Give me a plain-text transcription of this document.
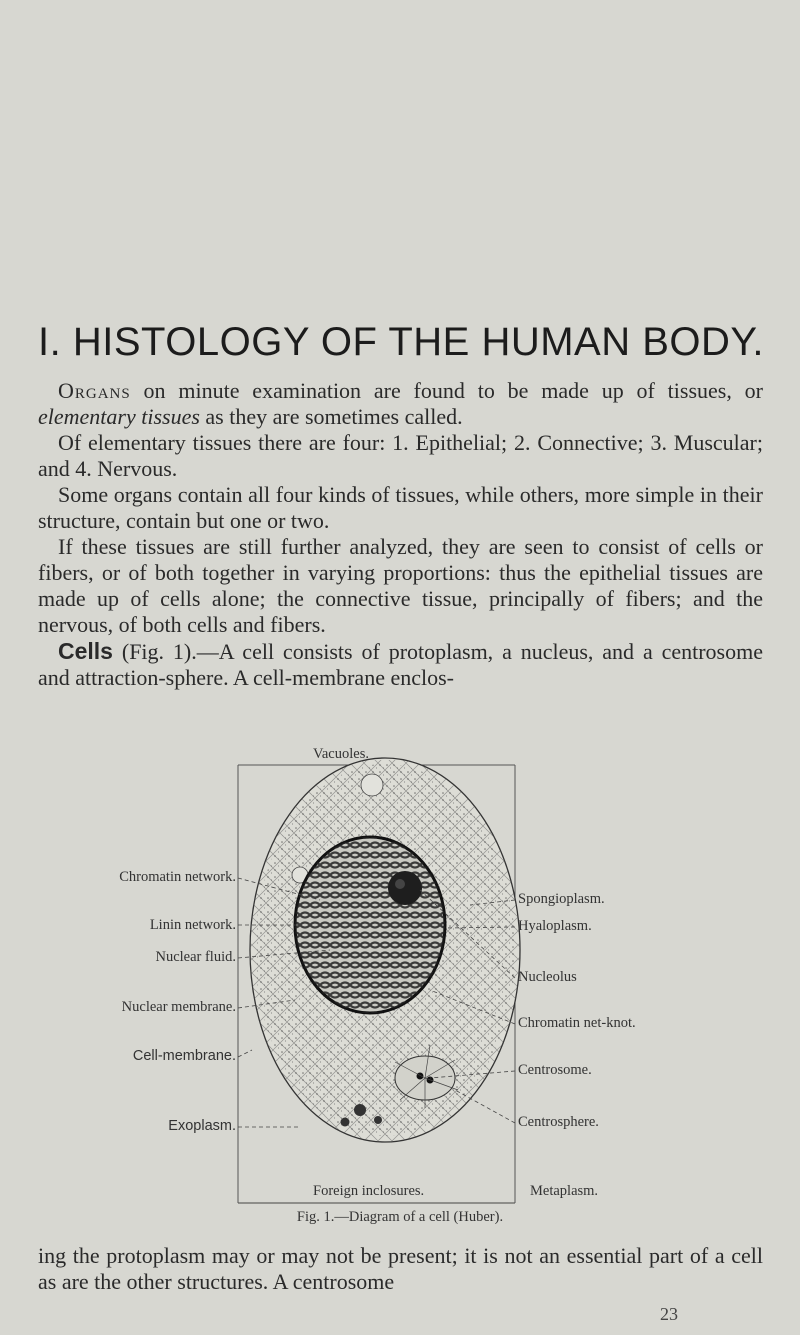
I. HISTOLOGY OF THE HUMAN BODY.

Organs on minute examination are found to be made up of tissues, or elementary tissues as they are sometimes called.

Of elementary tissues there are four: 1. Epithelial; 2. Connective; 3. Muscular; and 4. Nervous.

Some organs contain all four kinds of tissues, while others, more simple in their structure, contain but one or two.

If these tissues are still further analyzed, they are seen to consist of cells or fibers, or of both together in varying proportions: thus the epithelial tissues are made up of cells alone; the connective tissue, principally of fibers; and the nervous, of both cells and fibers.

Cells (Fig. 1).—A cell consists of protoplasm, a nucleus, and a centrosome and attraction-sphere. A cell-membrane enclos-

Vacuoles.
Chromatin network.
Linin network.
Nuclear fluid.
Nuclear membrane.
Cell-membrane.
Exoplasm.
Spongioplasm.
Hyaloplasm.
Nucleolus
Chromatin net-knot.
Centrosome.
Centrosphere.
Foreign inclosures.	Metaplasm.
Fig. 1.—Diagram of a cell (Huber).

ing the protoplasm may or may not be present; it is not an essential part of a cell as are the other structures. A centrosome

23
